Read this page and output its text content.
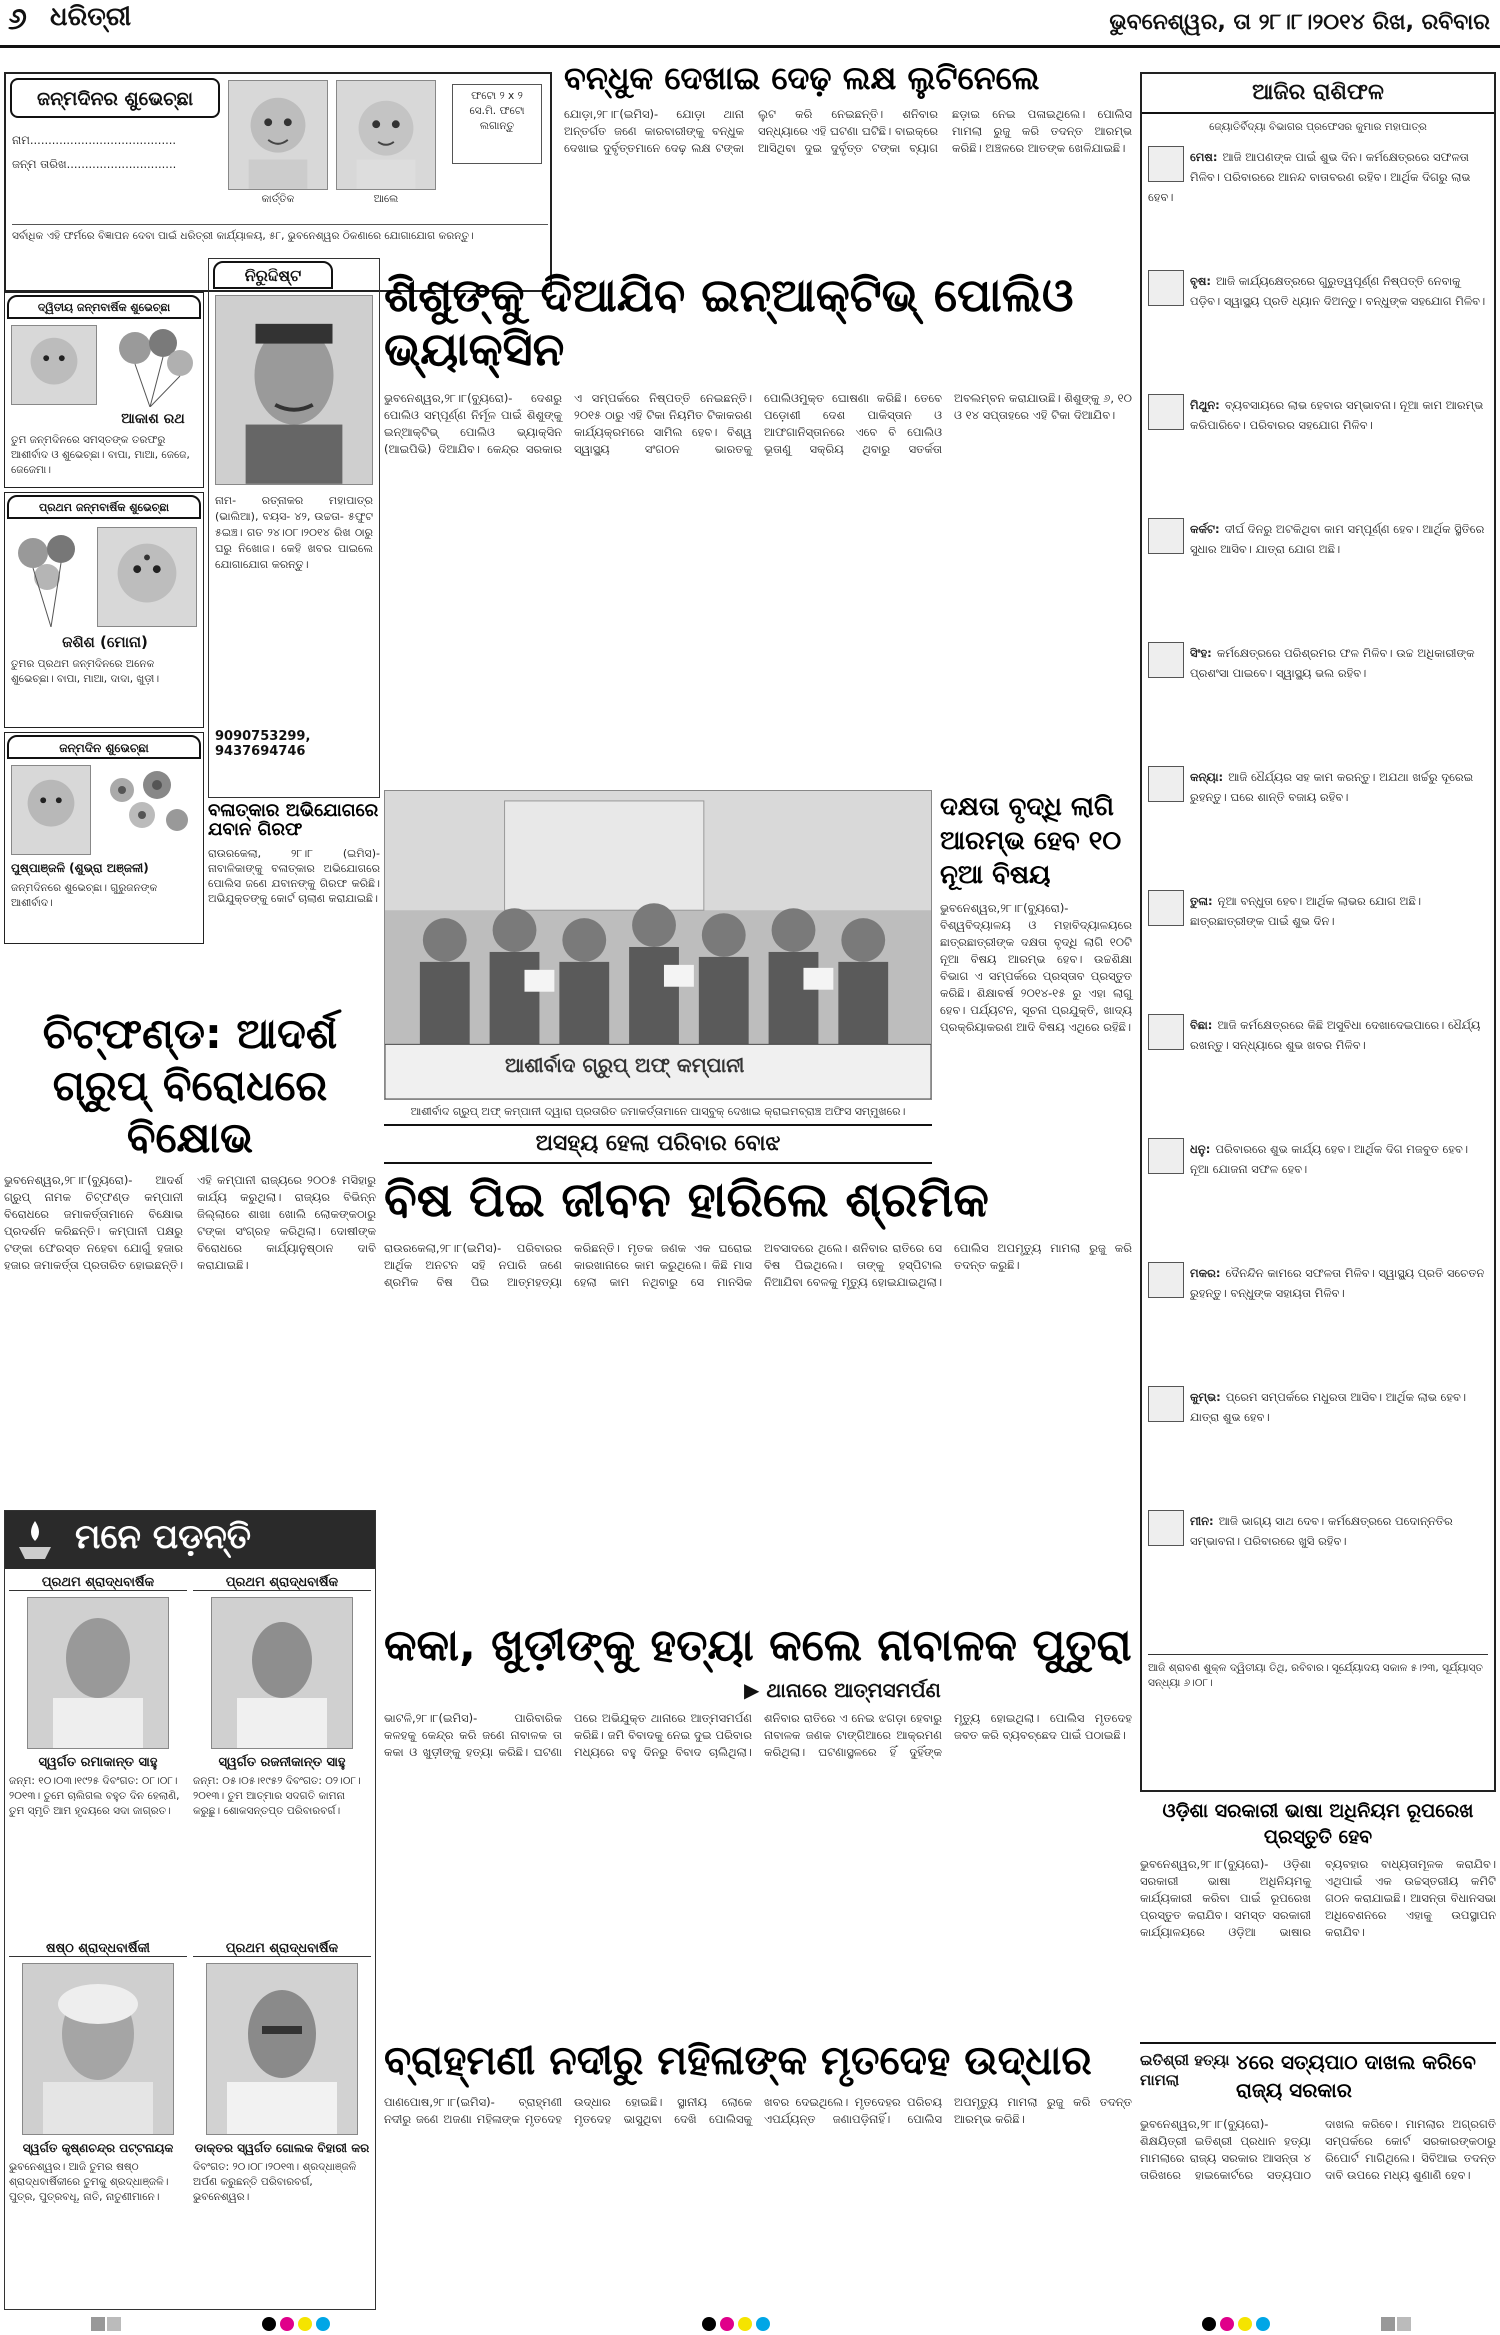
୬ ଧରିତ୍ରୀ	ଭୁବନେଶ୍ୱର, ତା ୨୮।୮।୨୦୧୪ ରିଖ, ରବିବାର
ଜନ୍ମଦିନର ଶୁଭେଚ୍ଛା
ନାମ........................................
ଜନ୍ମ ତାରିଖ..............................
କାର୍ତ୍ତିକ	ଆଲେ
ଫଟୋ ୨ x ୨ ସେ.ମି. ଫଟୋ ଲଗାନ୍ତୁ
ସର୍ବାଧିକ ଏହି ଫର୍ମରେ ବିଜ୍ଞାପନ ଦେବା ପାଇଁ ଧରିତ୍ରୀ କାର୍ଯ୍ୟାଳୟ, ୫୮, ଭୁବନେଶ୍ୱର ଠିକଣାରେ ଯୋଗାଯୋଗ କରନ୍ତୁ।
ଦ୍ୱିତୀୟ ଜନ୍ମବାର୍ଷିକ ଶୁଭେଚ୍ଛା
ଆକାଶ ରଥ
ତୁମ ଜନ୍ମଦିନରେ ସମସ୍ତଙ୍କ ତରଫରୁ ଆଶୀର୍ବାଦ ଓ ଶୁଭେଚ୍ଛା। ବାପା, ମାଆ, ଜେଜେ, ଜେଜେମା।
ପ୍ରଥମ ଜନ୍ମବାର୍ଷିକ ଶୁଭେଚ୍ଛା
ଜଶିଶ (ମୋନା)
ତୁମର ପ୍ରଥମ ଜନ୍ମଦିନରେ ଅନେକ ଶୁଭେଚ୍ଛା। ବାପା, ମାଆ, ଦାଦା, ଖୁଡ଼ୀ।
ଜନ୍ମଦିନ ଶୁଭେଚ୍ଛା
ପୁଷ୍ପାଞ୍ଜଳି (ଶୁଭ୍ରା ଅଞ୍ଜଳୀ)
ଜନ୍ମଦିନରେ ଶୁଭେଚ୍ଛା। ଗୁରୁଜନଙ୍କ ଆଶୀର୍ବାଦ।
ନିରୁଦ୍ଦିଷ୍ଟ
ନାମ- ରତ୍ନାକର ମହାପାତ୍ର (ଭାଲିଆ), ବୟସ- ୪୨, ଉଚ୍ଚତା- ୫ଫୁଟ ୫ଇଞ୍ଚ। ଗତ ୨୪।୦୮।୨୦୧୪ ରିଖ ଠାରୁ ଘରୁ ନିଖୋଜ। କେହି ଖବର ପାଇଲେ ଯୋଗାଯୋଗ କରନ୍ତୁ।
9090753299, 9437694746
ବଳାତ୍କାର ଅଭିଯୋଗରେ ଯବାନ ଗିରଫ
ରାଉରକେଲା, ୨୮।୮ (ଇମିସ)- ନାବାଳିକାଙ୍କୁ ବଳାତ୍କାର ଅଭିଯୋଗରେ ପୋଲିସ ଜଣେ ଯବାନଙ୍କୁ ଗିରଫ କରିଛି। ଅଭିଯୁକ୍ତଙ୍କୁ କୋର୍ଟ ଚାଲାଣ କରାଯାଇଛି।
ଚିଟ୍‌ଫଣ୍ଡ: ଆଦର୍ଶ ଗ୍ରୁପ୍ ବିରୋଧରେ ବିକ୍ଷୋଭ
ଭୁବନେଶ୍ୱର,୨୮।୮(ବ୍ୟୁରୋ)- ଆଦର୍ଶ ଗ୍ରୁପ୍ ନାମକ ଚିଟ୍‌ଫଣ୍ଡ କମ୍ପାନୀ ବିରୋଧରେ ଜମାକର୍ତ୍ତାମାନେ ବିକ୍ଷୋଭ ପ୍ରଦର୍ଶନ କରିଛନ୍ତି। କମ୍ପାନୀ ପକ୍ଷରୁ ଟଙ୍କା ଫେରସ୍ତ ନହେବା ଯୋଗୁଁ ହଜାର ହଜାର ଜମାକର୍ତ୍ତା ପ୍ରତାରିତ ହୋଇଛନ୍ତି। ଏହି କମ୍ପାନୀ ରାଜ୍ୟରେ ୨୦୦୫ ମସିହାରୁ କାର୍ଯ୍ୟ କରୁଥିଲା। ରାଜ୍ୟର ବିଭିନ୍ନ ଜିଲ୍ଲାରେ ଶାଖା ଖୋଲି ଲୋକଙ୍କଠାରୁ ଟଙ୍କା ସଂଗ୍ରହ କରିଥିଲା। ଦୋଷୀଙ୍କ ବିରୋଧରେ କାର୍ଯ୍ୟାନୁଷ୍ଠାନ ଦାବି କରାଯାଇଛି।
ମନେ ପଡ଼ନ୍ତି
ପ୍ରଥମ ଶ୍ରାଦ୍ଧବାର୍ଷିକ
ସ୍ୱର୍ଗତ ରମାକାନ୍ତ ସାହୁ
ଜନ୍ମ: ୧୦।୦୩।୧୯୨୫ ଦିବଂଗତ: ୦୮।୦୮।୨୦୧୩। ତୁମେ ଚାଲିଗଲ ବହୁତ ଦିନ ହେଲାଣି, ତୁମ ସ୍ମୃତି ଆମ ହୃଦୟରେ ସଦା ଜାଗ୍ରତ।
ପ୍ରଥମ ଶ୍ରାଦ୍ଧବାର୍ଷିକ
ସ୍ୱର୍ଗତ ରଜନୀକାନ୍ତ ସାହୁ
ଜନ୍ମ: ୦୫।୦୫।୧୯୫୨ ଦିବଂଗତ: ୦୨।୦୮।୨୦୧୩। ତୁମ ଆତ୍ମାର ସଦଗତି କାମନା କରୁଛୁ। ଶୋକସନ୍ତପ୍ତ ପରିବାରବର୍ଗ।
ଷଷ୍ଠ ଶ୍ରାଦ୍ଧବାର୍ଷିକୀ
ସ୍ୱର୍ଗତ କୃଷ୍ଣଚନ୍ଦ୍ର ପଟ୍ଟନାୟକ
ଭୁବନେଶ୍ୱର। ଆଜି ତୁମର ଷଷ୍ଠ ଶ୍ରାଦ୍ଧବାର୍ଷିକୀରେ ତୁମକୁ ଶ୍ରଦ୍ଧାଞ୍ଜଳି। ପୁତ୍ର, ପୁତ୍ରବଧୂ, ନାତି, ନାତୁଣୀମାନେ।
ପ୍ରଥମ ଶ୍ରାଦ୍ଧବାର୍ଷିକ
ଡାକ୍ତର ସ୍ୱର୍ଗତ ଗୋଲକ ବିହାରୀ କର
ଦିବଂଗତ: ୨୦।୦୮।୨୦୧୩। ଶ୍ରଦ୍ଧାଞ୍ଜଳି ଅର୍ପଣ କରୁଛନ୍ତି ପରିବାରବର୍ଗ, ଭୁବନେଶ୍ୱର।
ବନ୍ଧୁକ ଦେଖାଇ ଦେଢ଼ ଲକ୍ଷ ଲୁଟିନେଲେ
ଯୋଡ଼ା,୨୮।୮(ଇମିସ)- ଯୋଡ଼ା ଥାନା ଅନ୍ତର୍ଗତ ଜଣେ କାରବାରୀଙ୍କୁ ବନ୍ଧୁକ ଦେଖାଇ ଦୁର୍ବୃତ୍ତମାନେ ଦେଢ଼ ଲକ୍ଷ ଟଙ୍କା ଲୁଟ କରି ନେଇଛନ୍ତି। ଶନିବାର ସନ୍ଧ୍ୟାରେ ଏହି ଘଟଣା ଘଟିଛି। ବାଇକ୍‌ରେ ଆସିଥିବା ଦୁଇ ଦୁର୍ବୃତ୍ତ ଟଙ୍କା ବ୍ୟାଗ ଛଡ଼ାଇ ନେଇ ପଳାଇଥିଲେ। ପୋଲିସ ମାମଲା ରୁଜୁ କରି ତଦନ୍ତ ଆରମ୍ଭ କରିଛି। ଅଞ୍ଚଳରେ ଆତଙ୍କ ଖେଳିଯାଇଛି।
ଶିଶୁଙ୍କୁ ଦିଆଯିବ ଇନ୍‌ଆକ୍ଟିଭ୍ ପୋଲିଓ ଭ୍ୟାକ୍ସିନ
ଭୁବନେଶ୍ୱର,୨୮।୮(ବ୍ୟୁରୋ)- ଦେଶରୁ ପୋଲିଓ ସମ୍ପୂର୍ଣ୍ଣ ନିର୍ମୂଳ ପାଇଁ ଶିଶୁଙ୍କୁ ଇନ୍‌ଆକ୍ଟିଭ୍ ପୋଲିଓ ଭ୍ୟାକ୍ସିନ (ଆଇପିଭି) ଦିଆଯିବ। କେନ୍ଦ୍ର ସରକାର ଏ ସମ୍ପର୍କରେ ନିଷ୍ପତ୍ତି ନେଇଛନ୍ତି। ୨୦୧୫ ଠାରୁ ଏହି ଟିକା ନିୟମିତ ଟିକାକରଣ କାର୍ଯ୍ୟକ୍ରମରେ ସାମିଲ ହେବ। ବିଶ୍ୱ ସ୍ୱାସ୍ଥ୍ୟ ସଂଗଠନ ଭାରତକୁ ପୋଲିଓମୁକ୍ତ ଘୋଷଣା କରିଛି। ତେବେ ପଡ଼ୋଶୀ ଦେଶ ପାକିସ୍ତାନ ଓ ଆଫଗାନିସ୍ତାନରେ ଏବେ ବି ପୋଲିଓ ଭୂତାଣୁ ସକ୍ରିୟ ଥିବାରୁ ସତର୍କତା ଅବଲମ୍ବନ କରାଯାଉଛି। ଶିଶୁଙ୍କୁ ୬, ୧୦ ଓ ୧୪ ସପ୍ତାହରେ ଏହି ଟିକା ଦିଆଯିବ।
ଆଶୀର୍ବାଦ ଗ୍ରୁପ୍ ଅଫ୍ କମ୍ପାନୀ
ଆଶୀର୍ବାଦ ଗ୍ରୁପ୍ ଅଫ୍ କମ୍ପାନୀ ଦ୍ୱାରା ପ୍ରତାରିତ ଜମାକର୍ତ୍ତାମାନେ ପାସ୍‌ବୁକ୍ ଦେଖାଇ କ୍ରାଇମବ୍ରାଞ୍ଚ ଅଫିସ ସମ୍ମୁଖରେ।
ଦକ୍ଷତା ବୃଦ୍ଧି ଲାଗି ଆରମ୍ଭ ହେବ ୧୦ ନୂଆ ବିଷୟ
ଭୁବନେଶ୍ୱର,୨୮।୮(ବ୍ୟୁରୋ)- ବିଶ୍ୱବିଦ୍ୟାଳୟ ଓ ମହାବିଦ୍ୟାଳୟରେ ଛାତ୍ରଛାତ୍ରୀଙ୍କ ଦକ୍ଷତା ବୃଦ୍ଧି ଲାଗି ୧୦ଟି ନୂଆ ବିଷୟ ଆରମ୍ଭ ହେବ। ଉଚ୍ଚଶିକ୍ଷା ବିଭାଗ ଏ ସମ୍ପର୍କରେ ପ୍ରସ୍ତାବ ପ୍ରସ୍ତୁତ କରିଛି। ଶିକ୍ଷାବର୍ଷ ୨୦୧୪-୧୫ ରୁ ଏହା ଲାଗୁ ହେବ। ପର୍ଯ୍ୟଟନ, ସୂଚନା ପ୍ରଯୁକ୍ତି, ଖାଦ୍ୟ ପ୍ରକ୍ରିୟାକରଣ ଆଦି ବିଷୟ ଏଥିରେ ରହିଛି।
ଅସହ୍ୟ ହେଲା ପରିବାର ବୋଝ
ବିଷ ପିଇ ଜୀବନ ହାରିଲେ ଶ୍ରମିକ
ରାଉରକେଲା,୨୮।୮(ଇମିସ)- ପରିବାରର ଆର୍ଥିକ ଅନଟନ ସହି ନପାରି ଜଣେ ଶ୍ରମିକ ବିଷ ପିଇ ଆତ୍ମହତ୍ୟା କରିଛନ୍ତି। ମୃତକ ଜଣକ ଏକ ଘରୋଇ କାରଖାନାରେ କାମ କରୁଥିଲେ। କିଛି ମାସ ହେଲା କାମ ନଥିବାରୁ ସେ ମାନସିକ ଅବସାଦରେ ଥିଲେ। ଶନିବାର ରାତିରେ ସେ ବିଷ ପିଇଥିଲେ। ତାଙ୍କୁ ହସ୍ପିଟାଲ ନିଆଯିବା ବେଳକୁ ମୃତ୍ୟୁ ହୋଇଯାଇଥିଲା। ପୋଲିସ ଅପମୃତ୍ୟୁ ମାମଲା ରୁଜୁ କରି ତଦନ୍ତ କରୁଛି।
କକା, ଖୁଡ଼ୀଙ୍କୁ ହତ୍ୟା କଲେ ନାବାଳକ ପୁତୁରା
▶ ଥାନାରେ ଆତ୍ମସମର୍ପଣ
ଭାଟଳି,୨୮।୮(ଇମିସ)- ପାରିବାରିକ କଳହକୁ କେନ୍ଦ୍ର କରି ଜଣେ ନାବାଳକ ତା କକା ଓ ଖୁଡ଼ୀଙ୍କୁ ହତ୍ୟା କରିଛି। ଘଟଣା ପରେ ଅଭିଯୁକ୍ତ ଥାନାରେ ଆତ୍ମସମର୍ପଣ କରିଛି। ଜମି ବିବାଦକୁ ନେଇ ଦୁଇ ପରିବାର ମଧ୍ୟରେ ବହୁ ଦିନରୁ ବିବାଦ ଚାଲିଥିଲା। ଶନିବାର ରାତିରେ ଏ ନେଇ ଝଗଡ଼ା ହେବାରୁ ନାବାଳକ ଜଣକ ଟାଙ୍ଗିଆରେ ଆକ୍ରମଣ କରିଥିଲା। ଘଟଣାସ୍ଥଳରେ ହିଁ ଦୁହିଁଙ୍କ ମୃତ୍ୟୁ ହୋଇଥିଲା। ପୋଲିସ ମୃତଦେହ ଜବତ କରି ବ୍ୟବଚ୍ଛେଦ ପାଇଁ ପଠାଇଛି।
ବ୍ରାହ୍ମଣୀ ନଦୀରୁ ମହିଳାଙ୍କ ମୃତଦେହ ଉଦ୍ଧାର
ପାଣପୋଷ,୨୮।୮(ଇମିସ)- ବ୍ରାହ୍ମଣୀ ନଦୀରୁ ଜଣେ ଅଜଣା ମହିଳାଙ୍କ ମୃତଦେହ ଉଦ୍ଧାର ହୋଇଛି। ସ୍ଥାନୀୟ ଲୋକେ ମୃତଦେହ ଭାସୁଥିବା ଦେଖି ପୋଲିସକୁ ଖବର ଦେଇଥିଲେ। ମୃତଦେହର ପରିଚୟ ଏପର୍ଯ୍ୟନ୍ତ ଜଣାପଡ଼ିନାହିଁ। ପୋଲିସ ଅପମୃତ୍ୟୁ ମାମଲା ରୁଜୁ କରି ତଦନ୍ତ ଆରମ୍ଭ କରିଛି।
ଆଜିର ରାଶିଫଳ
ଜ୍ୟୋତିର୍ବିଦ୍ୟା ବିଭାଗର ପ୍ରଫେସର କୁମାର ମହାପାତ୍ର
ମେଷ: ଆଜି ଆପଣଙ୍କ ପାଇଁ ଶୁଭ ଦିନ। କର୍ମକ୍ଷେତ୍ରରେ ସଫଳତା ମିଳିବ। ପରିବାରରେ ଆନନ୍ଦ ବାତାବରଣ ରହିବ। ଆର୍ଥିକ ଦିଗରୁ ଲାଭ ହେବ।
ବୃଷ: ଆଜି କାର୍ଯ୍ୟକ୍ଷେତ୍ରରେ ଗୁରୁତ୍ୱପୂର୍ଣ୍ଣ ନିଷ୍ପତ୍ତି ନେବାକୁ ପଡ଼ିବ। ସ୍ୱାସ୍ଥ୍ୟ ପ୍ରତି ଧ୍ୟାନ ଦିଅନ୍ତୁ। ବନ୍ଧୁଙ୍କ ସହଯୋଗ ମିଳିବ।
ମିଥୁନ: ବ୍ୟବସାୟରେ ଲାଭ ହେବାର ସମ୍ଭାବନା। ନୂଆ କାମ ଆରମ୍ଭ କରିପାରିବେ। ପରିବାରର ସହଯୋଗ ମିଳିବ।
କର୍କଟ: ଦୀର୍ଘ ଦିନରୁ ଅଟକିଥିବା କାମ ସମ୍ପୂର୍ଣ୍ଣ ହେବ। ଆର୍ଥିକ ସ୍ଥିତିରେ ସୁଧାର ଆସିବ। ଯାତ୍ରା ଯୋଗ ଅଛି।
ସିଂହ: କର୍ମକ୍ଷେତ୍ରରେ ପରିଶ୍ରମର ଫଳ ମିଳିବ। ଉଚ୍ଚ ଅଧିକାରୀଙ୍କ ପ୍ରଶଂସା ପାଇବେ। ସ୍ୱାସ୍ଥ୍ୟ ଭଲ ରହିବ।
କନ୍ୟା: ଆଜି ଧୈର୍ଯ୍ୟର ସହ କାମ କରନ୍ତୁ। ଅଯଥା ଖର୍ଚ୍ଚରୁ ଦୂରେଇ ରୁହନ୍ତୁ। ଘରେ ଶାନ୍ତି ବଜାୟ ରହିବ।
ତୁଳା: ନୂଆ ବନ୍ଧୁତା ହେବ। ଆର୍ଥିକ ଲାଭର ଯୋଗ ଅଛି। ଛାତ୍ରଛାତ୍ରୀଙ୍କ ପାଇଁ ଶୁଭ ଦିନ।
ବିଛା: ଆଜି କର୍ମକ୍ଷେତ୍ରରେ କିଛି ଅସୁବିଧା ଦେଖାଦେଇପାରେ। ଧୈର୍ଯ୍ୟ ରଖନ୍ତୁ। ସନ୍ଧ୍ୟାରେ ଶୁଭ ଖବର ମିଳିବ।
ଧନୁ: ପରିବାରରେ ଶୁଭ କାର୍ଯ୍ୟ ହେବ। ଆର୍ଥିକ ଦିଗ ମଜବୁତ ହେବ। ନୂଆ ଯୋଜନା ସଫଳ ହେବ।
ମକର: ଦୈନନ୍ଦିନ କାମରେ ସଫଳତା ମିଳିବ। ସ୍ୱାସ୍ଥ୍ୟ ପ୍ରତି ସଚେତନ ରୁହନ୍ତୁ। ବନ୍ଧୁଙ୍କ ସହାୟତା ମିଳିବ।
କୁମ୍ଭ: ପ୍ରେମ ସମ୍ପର୍କରେ ମଧୁରତା ଆସିବ। ଆର୍ଥିକ ଲାଭ ହେବ। ଯାତ୍ରା ଶୁଭ ହେବ।
ମୀନ: ଆଜି ଭାଗ୍ୟ ସାଥ ଦେବ। କର୍ମକ୍ଷେତ୍ରରେ ପଦୋନ୍ନତିର ସମ୍ଭାବନା। ପରିବାରରେ ଖୁସି ରହିବ।
ଆଜି ଶ୍ରାବଣ ଶୁକ୍ଳ ଦ୍ୱିତୀୟା ତିଥି, ରବିବାର। ସୂର୍ଯ୍ୟୋଦୟ ସକାଳ ୫।୨୩, ସୂର୍ଯ୍ୟାସ୍ତ ସନ୍ଧ୍ୟା ୬।୦୮।
ଓଡ଼ିଶା ସରକାରୀ ଭାଷା ଅଧିନିୟମ ରୂପରେଖ ପ୍ରସ୍ତୁତି ହେବ
ଭୁବନେଶ୍ୱର,୨୮।୮(ବ୍ୟୁରୋ)- ଓଡ଼ିଶା ସରକାରୀ ଭାଷା ଅଧିନିୟମକୁ କାର୍ଯ୍ୟକାରୀ କରିବା ପାଇଁ ରୂପରେଖ ପ୍ରସ୍ତୁତ କରାଯିବ। ସମସ୍ତ ସରକାରୀ କାର୍ଯ୍ୟାଳୟରେ ଓଡ଼ିଆ ଭାଷାର ବ୍ୟବହାର ବାଧ୍ୟତାମୂଳକ କରାଯିବ। ଏଥିପାଇଁ ଏକ ଉଚ୍ଚସ୍ତରୀୟ କମିଟି ଗଠନ କରାଯାଇଛି। ଆସନ୍ତା ବିଧାନସଭା ଅଧିବେଶନରେ ଏହାକୁ ଉପସ୍ଥାପନ କରାଯିବ।
ଇତିଶ୍ରୀ ହତ୍ୟା ମାମଲା
୪ରେ ସତ୍ୟପାଠ ଦାଖଲ କରିବେ ରାଜ୍ୟ ସରକାର
ଭୁବନେଶ୍ୱର,୨୮।୮(ବ୍ୟୁରୋ)- ଶିକ୍ଷୟିତ୍ରୀ ଇତିଶ୍ରୀ ପ୍ରଧାନ ହତ୍ୟା ମାମଲାରେ ରାଜ୍ୟ ସରକାର ଆସନ୍ତା ୪ ତାରିଖରେ ହାଇକୋର୍ଟରେ ସତ୍ୟପାଠ ଦାଖଲ କରିବେ। ମାମଲାର ଅଗ୍ରଗତି ସମ୍ପର୍କରେ କୋର୍ଟ ସରକାରଙ୍କଠାରୁ ରିପୋର୍ଟ ମାଗିଥିଲେ। ସିବିଆଇ ତଦନ୍ତ ଦାବି ଉପରେ ମଧ୍ୟ ଶୁଣାଣି ହେବ।
